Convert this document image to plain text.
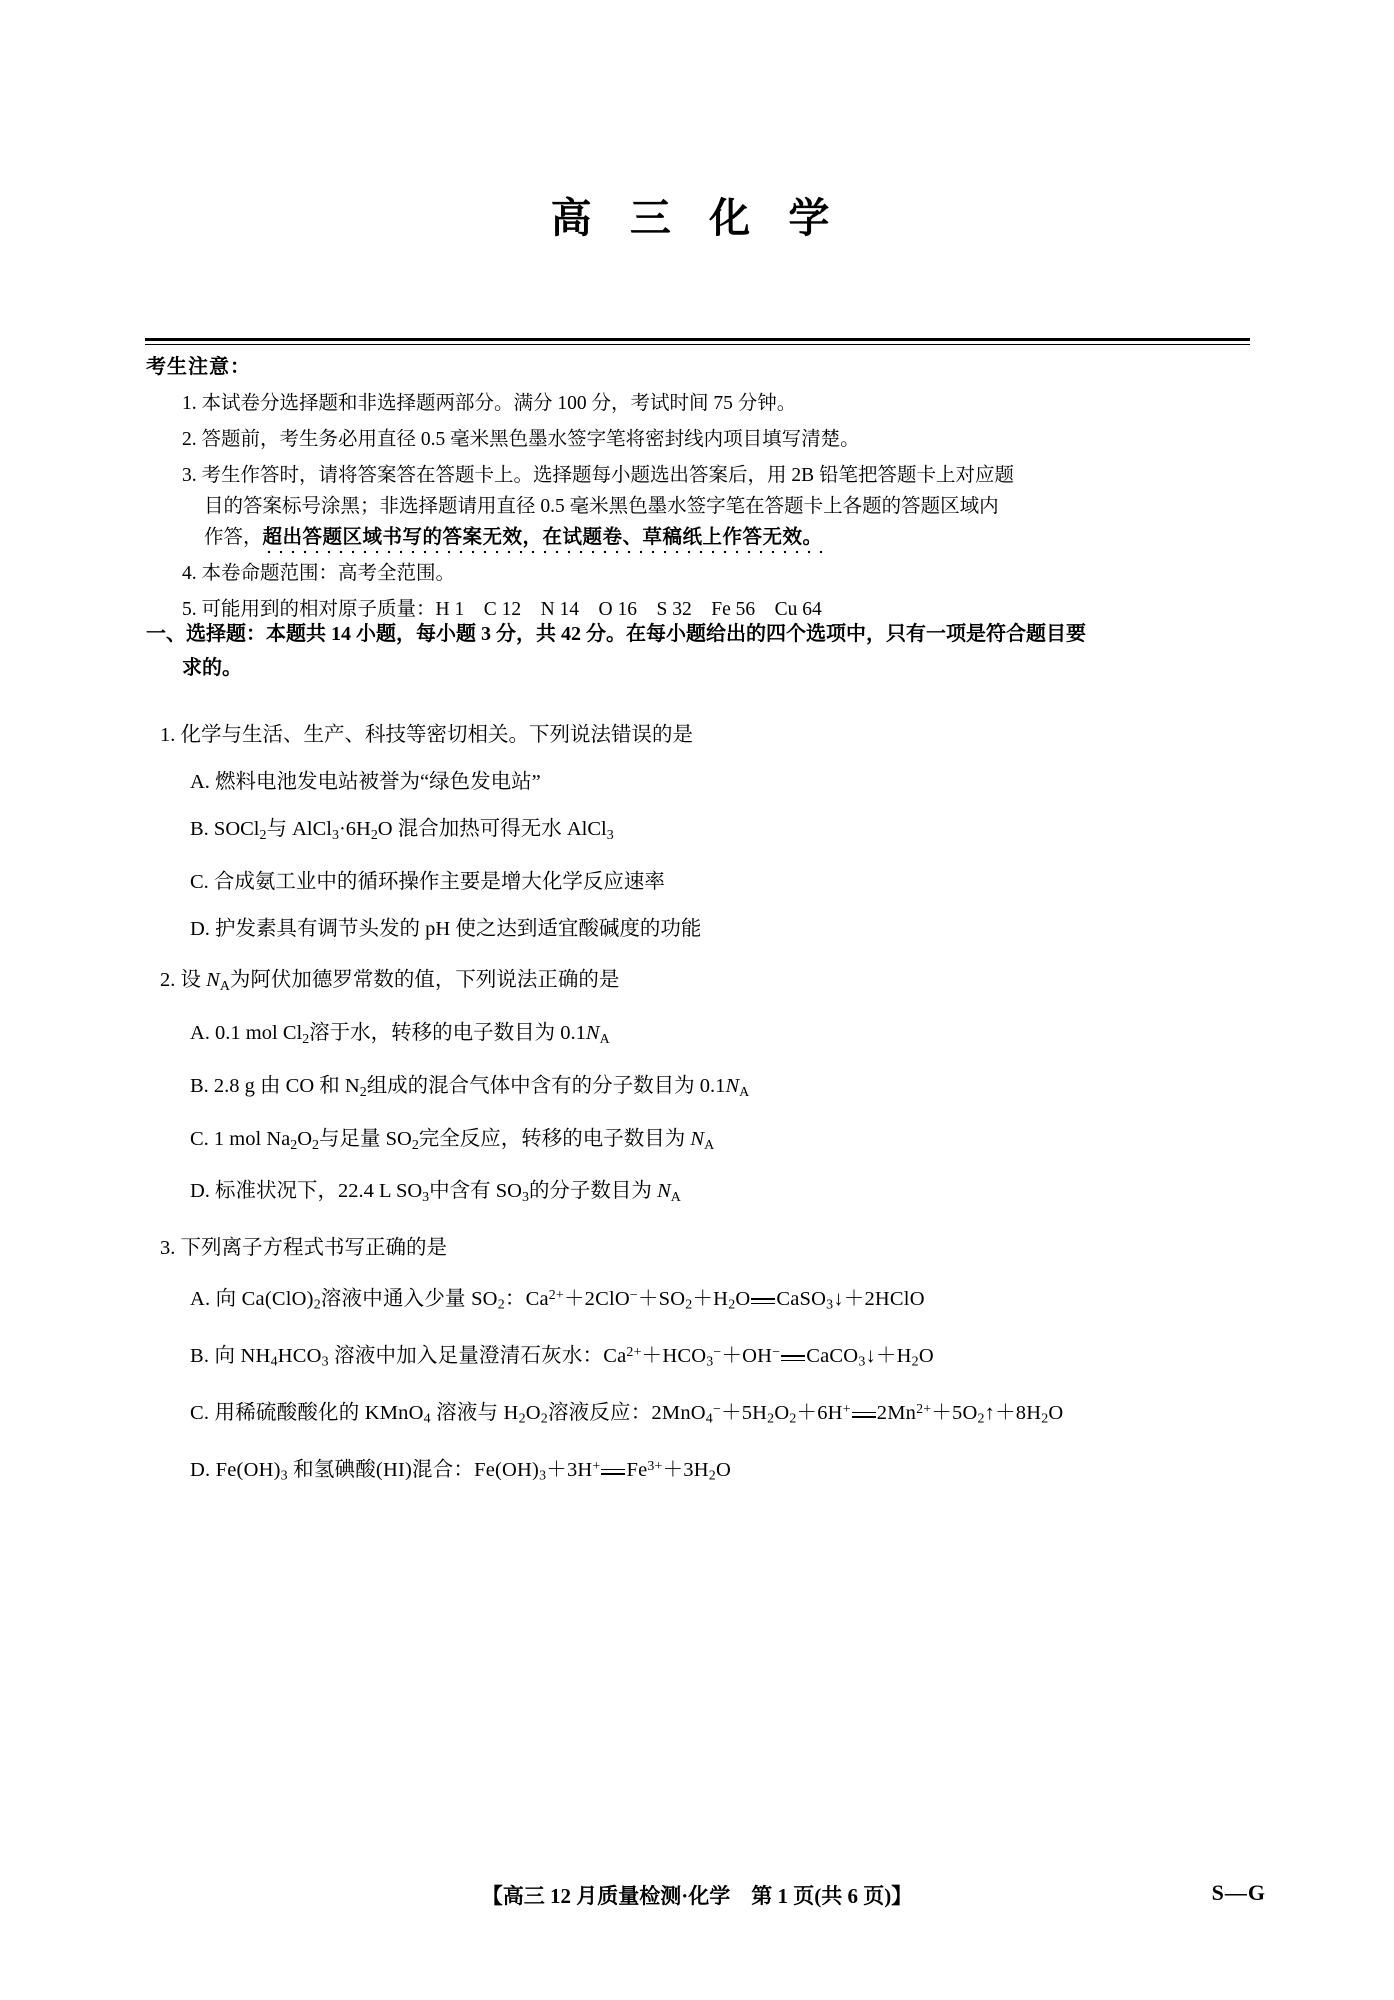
高 三 化 学
考生注意：
1. 本试卷分选择题和非选择题两部分。满分 100 分，考试时间 75 分钟。
2. 答题前，考生务必用直径 0.5 毫米黑色墨水签字笔将密封线内项目填写清楚。
3. 考生作答时，请将答案答在答题卡上。选择题每小题选出答案后，用 2B 铅笔把答题卡上对应题
目的答案标号涂黑；非选择题请用直径 0.5 毫米黑色墨水签字笔在答题卡上各题的答题区域内
作答，超出答题区域书写的答案无效，在试题卷、草稿纸上作答无效。
4. 本卷命题范围：高考全范围。
5. 可能用到的相对原子质量：H 1　C 12　N 14　O 16　S 32　Fe 56　Cu 64
一、选择题：本题共 14 小题，每小题 3 分，共 42 分。在每小题给出的四个选项中，只有一项是符合题目要
求的。
1. 化学与生活、生产、科技等密切相关。下列说法错误的是
A. 燃料电池发电站被誉为“绿色发电站”
B. SOCl$_2$与 $AlCl_3\cdot 6H_2O$ 混合加热可得无水 AlCl$_3$
C. 合成氨工业中的循环操作主要是增大化学反应速率
D. 护发素具有调节头发的 pH 使之达到适宜酸碱度的功能
2. 设 $N_A$为阿伏加德罗常数的值，下列说法正确的是
A. 0.1 mol $Cl_2$溶于水，转移的电子数目为 $0.1N_A$
B. 2.8 g 由 CO 和 $N_2$组成的混合气体中含有的分子数目为 $0.1N_A$
C. 1 mol $Na_2O_2$与足量 $SO_2$完全反应，转移的电子数目为 $N_A$
D. 标准状况下，22.4 L $SO_3$中含有 $SO_3$的分子数目为 $N_A$
3. 下列离子方程式书写正确的是
A. 向 $Ca(ClO)_2$溶液中通入少量 $SO_2$：$Ca^{2+}+2ClO^-+SO_2+H_2O$ CaSO$_3$↓＋2HClO
B. 向 $NH_4HCO_3$ 溶液中加入足量澄清石灰水：$Ca^{2+}+HCO_3^-+OH^-$ $CaCO_3↓+H_2O$
C. 用稀硫酸酸化的 KMnO$_4$ 溶液与 $H_2O_2$溶液反应：$2MnO_4^-+5H_2O_2+6H^+$ $2Mn^{2+}+5O_2↑+8H_2O$
D. $Fe(OH)_3$ 和氢碘酸(HI)混合：$Fe(OH)_3+3H^+$ $Fe^{3+}+3H_2O$
【高三 12 月质量检测·化学　第 1 页(共 6 页)】	S—G
